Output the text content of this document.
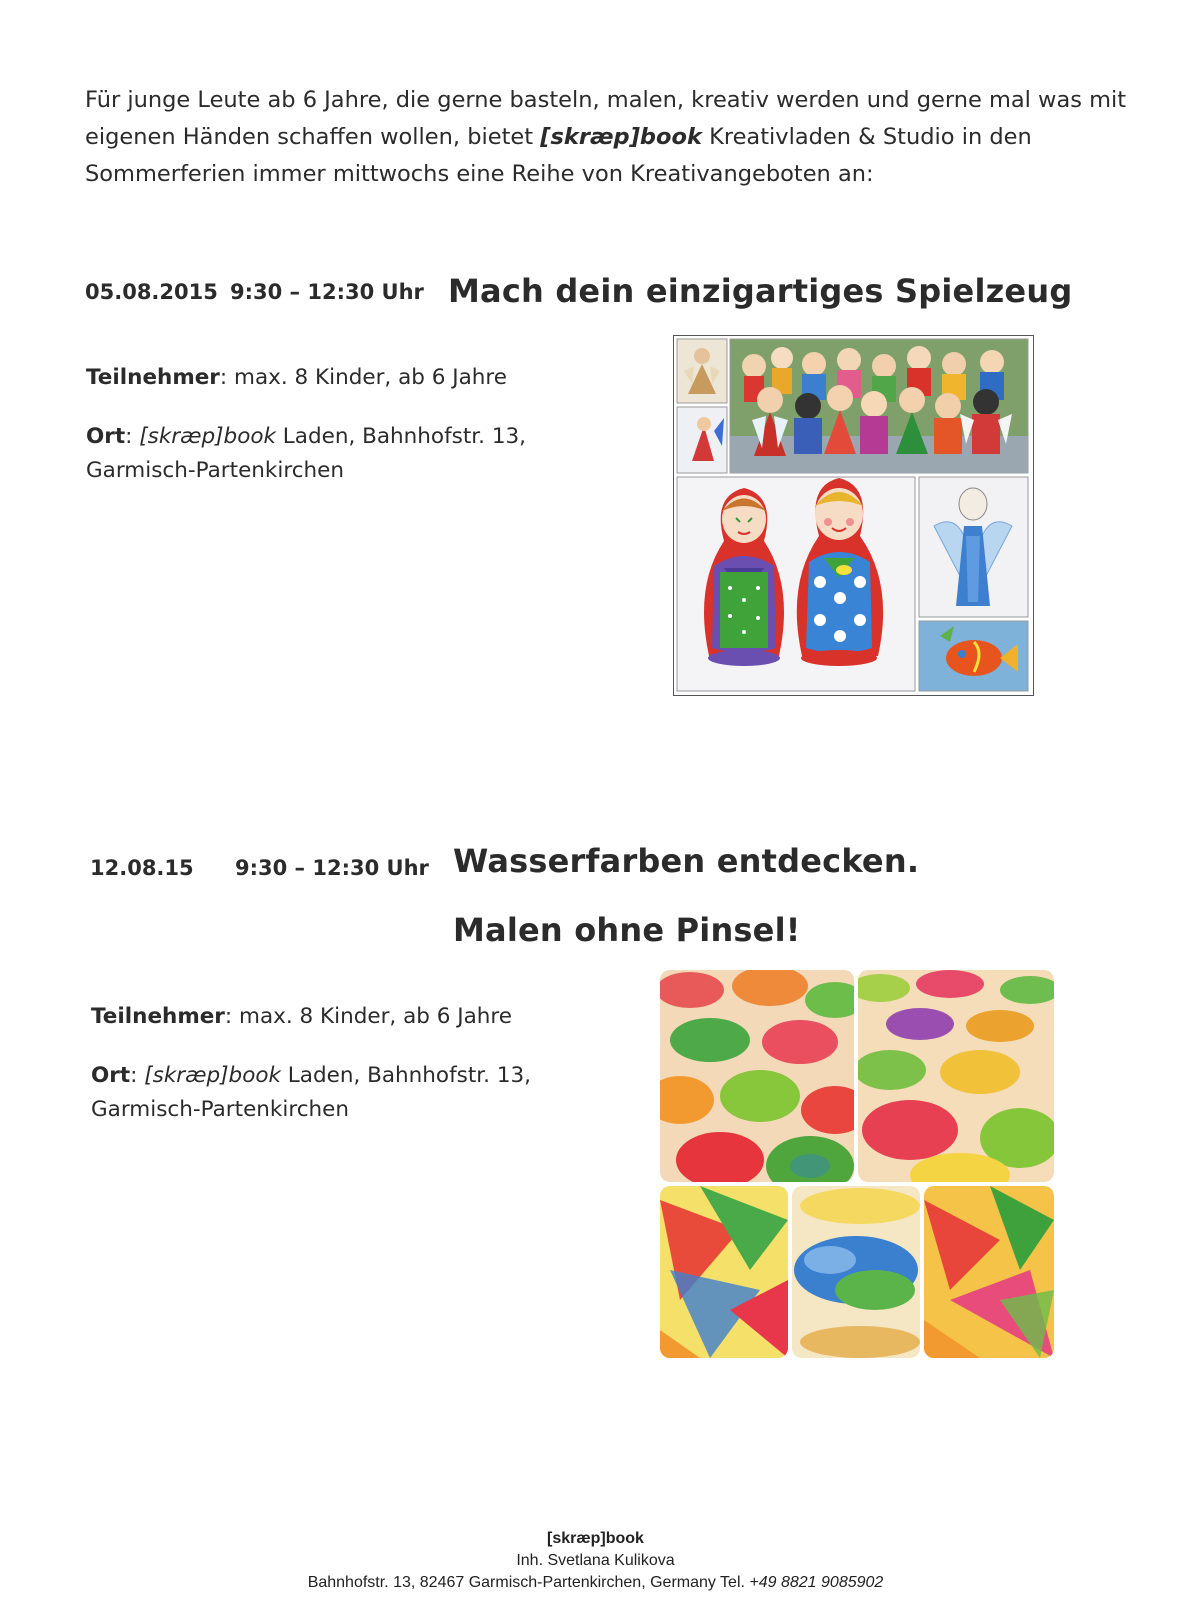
Für junge Leute ab 6 Jahre, die gerne basteln, malen, kreativ werden und gerne mal was mit
eigenen Händen schaffen wollen, bietet [skræp]book Kreativladen & Studio in den
Sommerferien immer mittwochs eine Reihe von Kreativangeboten an:
05.08.2015 9:30 – 12:30 Uhr Mach dein einzigartiges Spielzeug
Teilnehmer: max. 8 Kinder, ab 6 Jahre
Ort: [skræp]book Laden, Bahnhofstr. 13,
Garmisch-Partenkirchen
12.08.15 9:30 – 12:30 Uhr Wasserfarben entdecken.
Malen ohne Pinsel!
Teilnehmer: max. 8 Kinder, ab 6 Jahre
Ort: [skræp]book Laden, Bahnhofstr. 13,
Garmisch-Partenkirchen
[skræp]book
Inh. Svetlana Kulikova
Bahnhofstr. 13, 82467 Garmisch-Partenkirchen, Germany Tel. +49 8821 9085902
